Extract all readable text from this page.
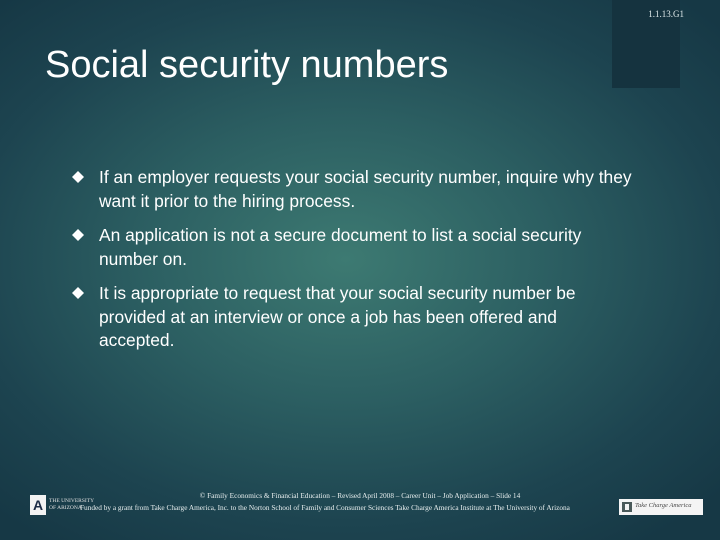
1.1.13.G1
Social security numbers
If an employer requests your social security number, inquire why they want it prior to the hiring process.
An application is not a secure document to list a social security number on.
It is appropriate to request that your social security number be provided at an interview or once a job has been offered and accepted.
A	THE UNIVERSITY
OF ARIZONA
© Family Economics & Financial Education – Revised April 2008 – Career Unit – Job Application – Slide 14
Funded by a grant from Take Charge America, Inc. to the Norton School of Family and Consumer Sciences Take Charge America Institute at The University of Arizona	Take Charge America
